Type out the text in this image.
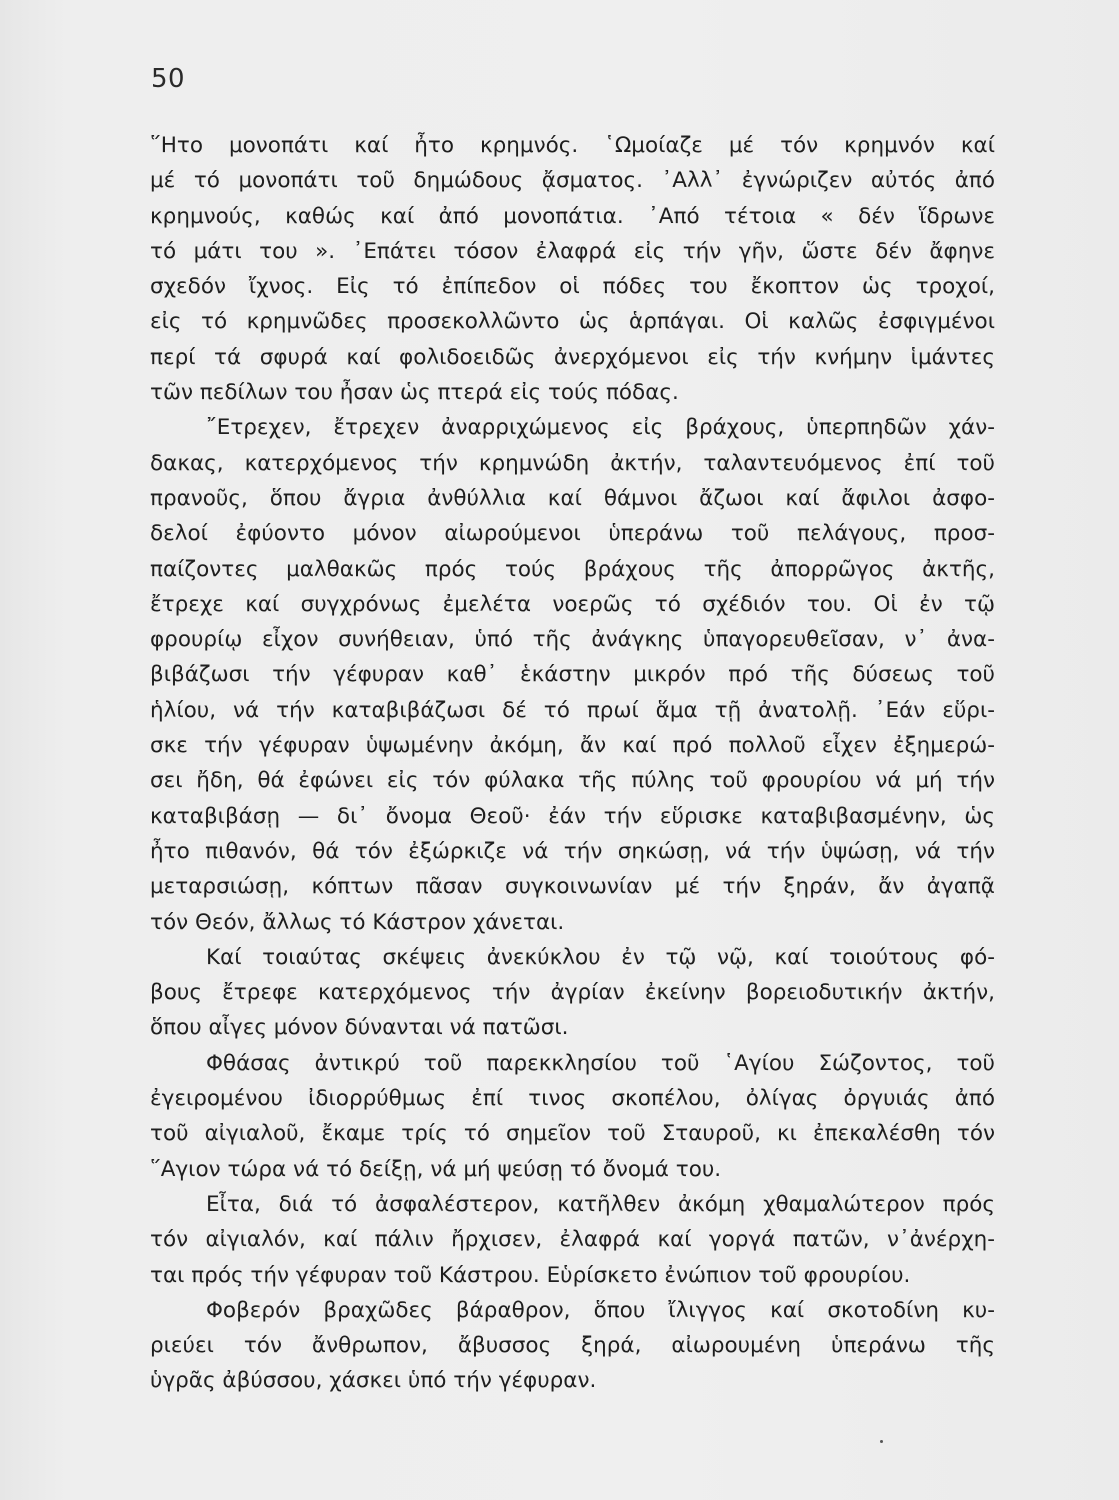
50
῞Ητο μονοπάτι καί ἦτο κρημνός. ῾Ωμοίαζε μέ τόν κρημνόν καί
μέ τό μονοπάτι τοῦ δημώδους ᾄσματος. ᾿Αλλ᾿ ἐγνώριζεν αὐτός ἀπό
κρημνούς, καθώς καί ἀπό μονοπάτια. ᾿Από τέτοια « δέν ἵδρωνε
τό μάτι του ». ᾿Επάτει τόσον ἐλαφρά εἰς τήν γῆν, ὥστε δέν ἄφηνε
σχεδόν ἴχνος. Εἰς τό ἐπίπεδον οἱ πόδες του ἔκοπτον ὡς τροχοί,
εἰς τό κρημνῶδες προσεκολλῶντο ὡς ἁρπάγαι. Οἱ καλῶς ἐσφιγμένοι
περί τά σφυρά καί φολιδοειδῶς ἀνερχόμενοι εἰς τήν κνήμην ἱμάντες
τῶν πεδίλων του ἦσαν ὡς πτερά εἰς τούς πόδας.
῎Ετρεχεν, ἔτρεχεν ἀναρριχώμενος εἰς βράχους, ὑπερπηδῶν χάν-
δακας, κατερχόμενος τήν κρημνώδη ἀκτήν, ταλαντευόμενος ἐπί τοῦ
πρανοῦς, ὅπου ἄγρια ἀνθύλλια καί θάμνοι ἄζωοι καί ἄφιλοι ἀσφο-
δελοί ἐφύοντο μόνον αἰωρούμενοι ὑπεράνω τοῦ πελάγους, προσ-
παίζοντες μαλθακῶς πρός τούς βράχους τῆς ἀπορρῶγος ἀκτῆς,
ἔτρεχε καί συγχρόνως ἐμελέτα νοερῶς τό σχέδιόν του. Οἱ ἐν τῷ
φρουρίῳ εἶχον συνήθειαν, ὑπό τῆς ἀνάγκης ὑπαγορευθεῖσαν, ν᾿ ἀνα-
βιβάζωσι τήν γέφυραν καθ᾿ ἑκάστην μικρόν πρό τῆς δύσεως τοῦ
ἡλίου, νά τήν καταβιβάζωσι δέ τό πρωί ἅμα τῇ ἀνατολῇ. ᾿Εάν εὕρι-
σκε τήν γέφυραν ὑψωμένην ἀκόμη, ἄν καί πρό πολλοῦ εἶχεν ἐξημερώ-
σει ἤδη, θά ἐφώνει εἰς τόν φύλακα τῆς πύλης τοῦ φρουρίου νά μή τήν
καταβιβάσῃ — δι᾿ ὄνομα Θεοῦ· ἐάν τήν εὕρισκε καταβιβασμένην, ὡς
ἦτο πιθανόν, θά τόν ἐξώρκιζε νά τήν σηκώσῃ, νά τήν ὑψώσῃ, νά τήν
μεταρσιώσῃ, κόπτων πᾶσαν συγκοινωνίαν μέ τήν ξηράν, ἄν ἀγαπᾷ
τόν Θεόν, ἄλλως τό Κάστρον χάνεται.
Καί τοιαύτας σκέψεις ἀνεκύκλου ἐν τῷ νῷ, καί τοιούτους φό-
βους ἔτρεφε κατερχόμενος τήν ἀγρίαν ἐκείνην βορειοδυτικήν ἀκτήν,
ὅπου αἶγες μόνον δύνανται νά πατῶσι.
Φθάσας ἀντικρύ τοῦ παρεκκλησίου τοῦ ῾Αγίου Σώζοντος, τοῦ
ἐγειρομένου ἰδιορρύθμως ἐπί τινος σκοπέλου, ὀλίγας ὀργυιάς ἀπό
τοῦ αἰγιαλοῦ, ἔκαμε τρίς τό σημεῖον τοῦ Σταυροῦ, κι ἐπεκαλέσθη τόν
῞Αγιον τώρα νά τό δείξῃ, νά μή ψεύσῃ τό ὄνομά του.
Εἶτα, διά τό ἀσφαλέστερον, κατῆλθεν ἀκόμη χθαμαλώτερον πρός
τόν αἰγιαλόν, καί πάλιν ἤρχισεν, ἐλαφρά καί γοργά πατῶν, ν᾿ἀνέρχη-
ται πρός τήν γέφυραν τοῦ Κάστρου. Εὑρίσκετο ἐνώπιον τοῦ φρουρίου.
Φοβερόν βραχῶδες βάραθρον, ὅπου ἴλιγγος καί σκοτοδίνη κυ-
ριεύει τόν ἄνθρωπον, ἄβυσσος ξηρά, αἰωρουμένη ὑπεράνω τῆς
ὑγρᾶς ἀβύσσου, χάσκει ὑπό τήν γέφυραν.
